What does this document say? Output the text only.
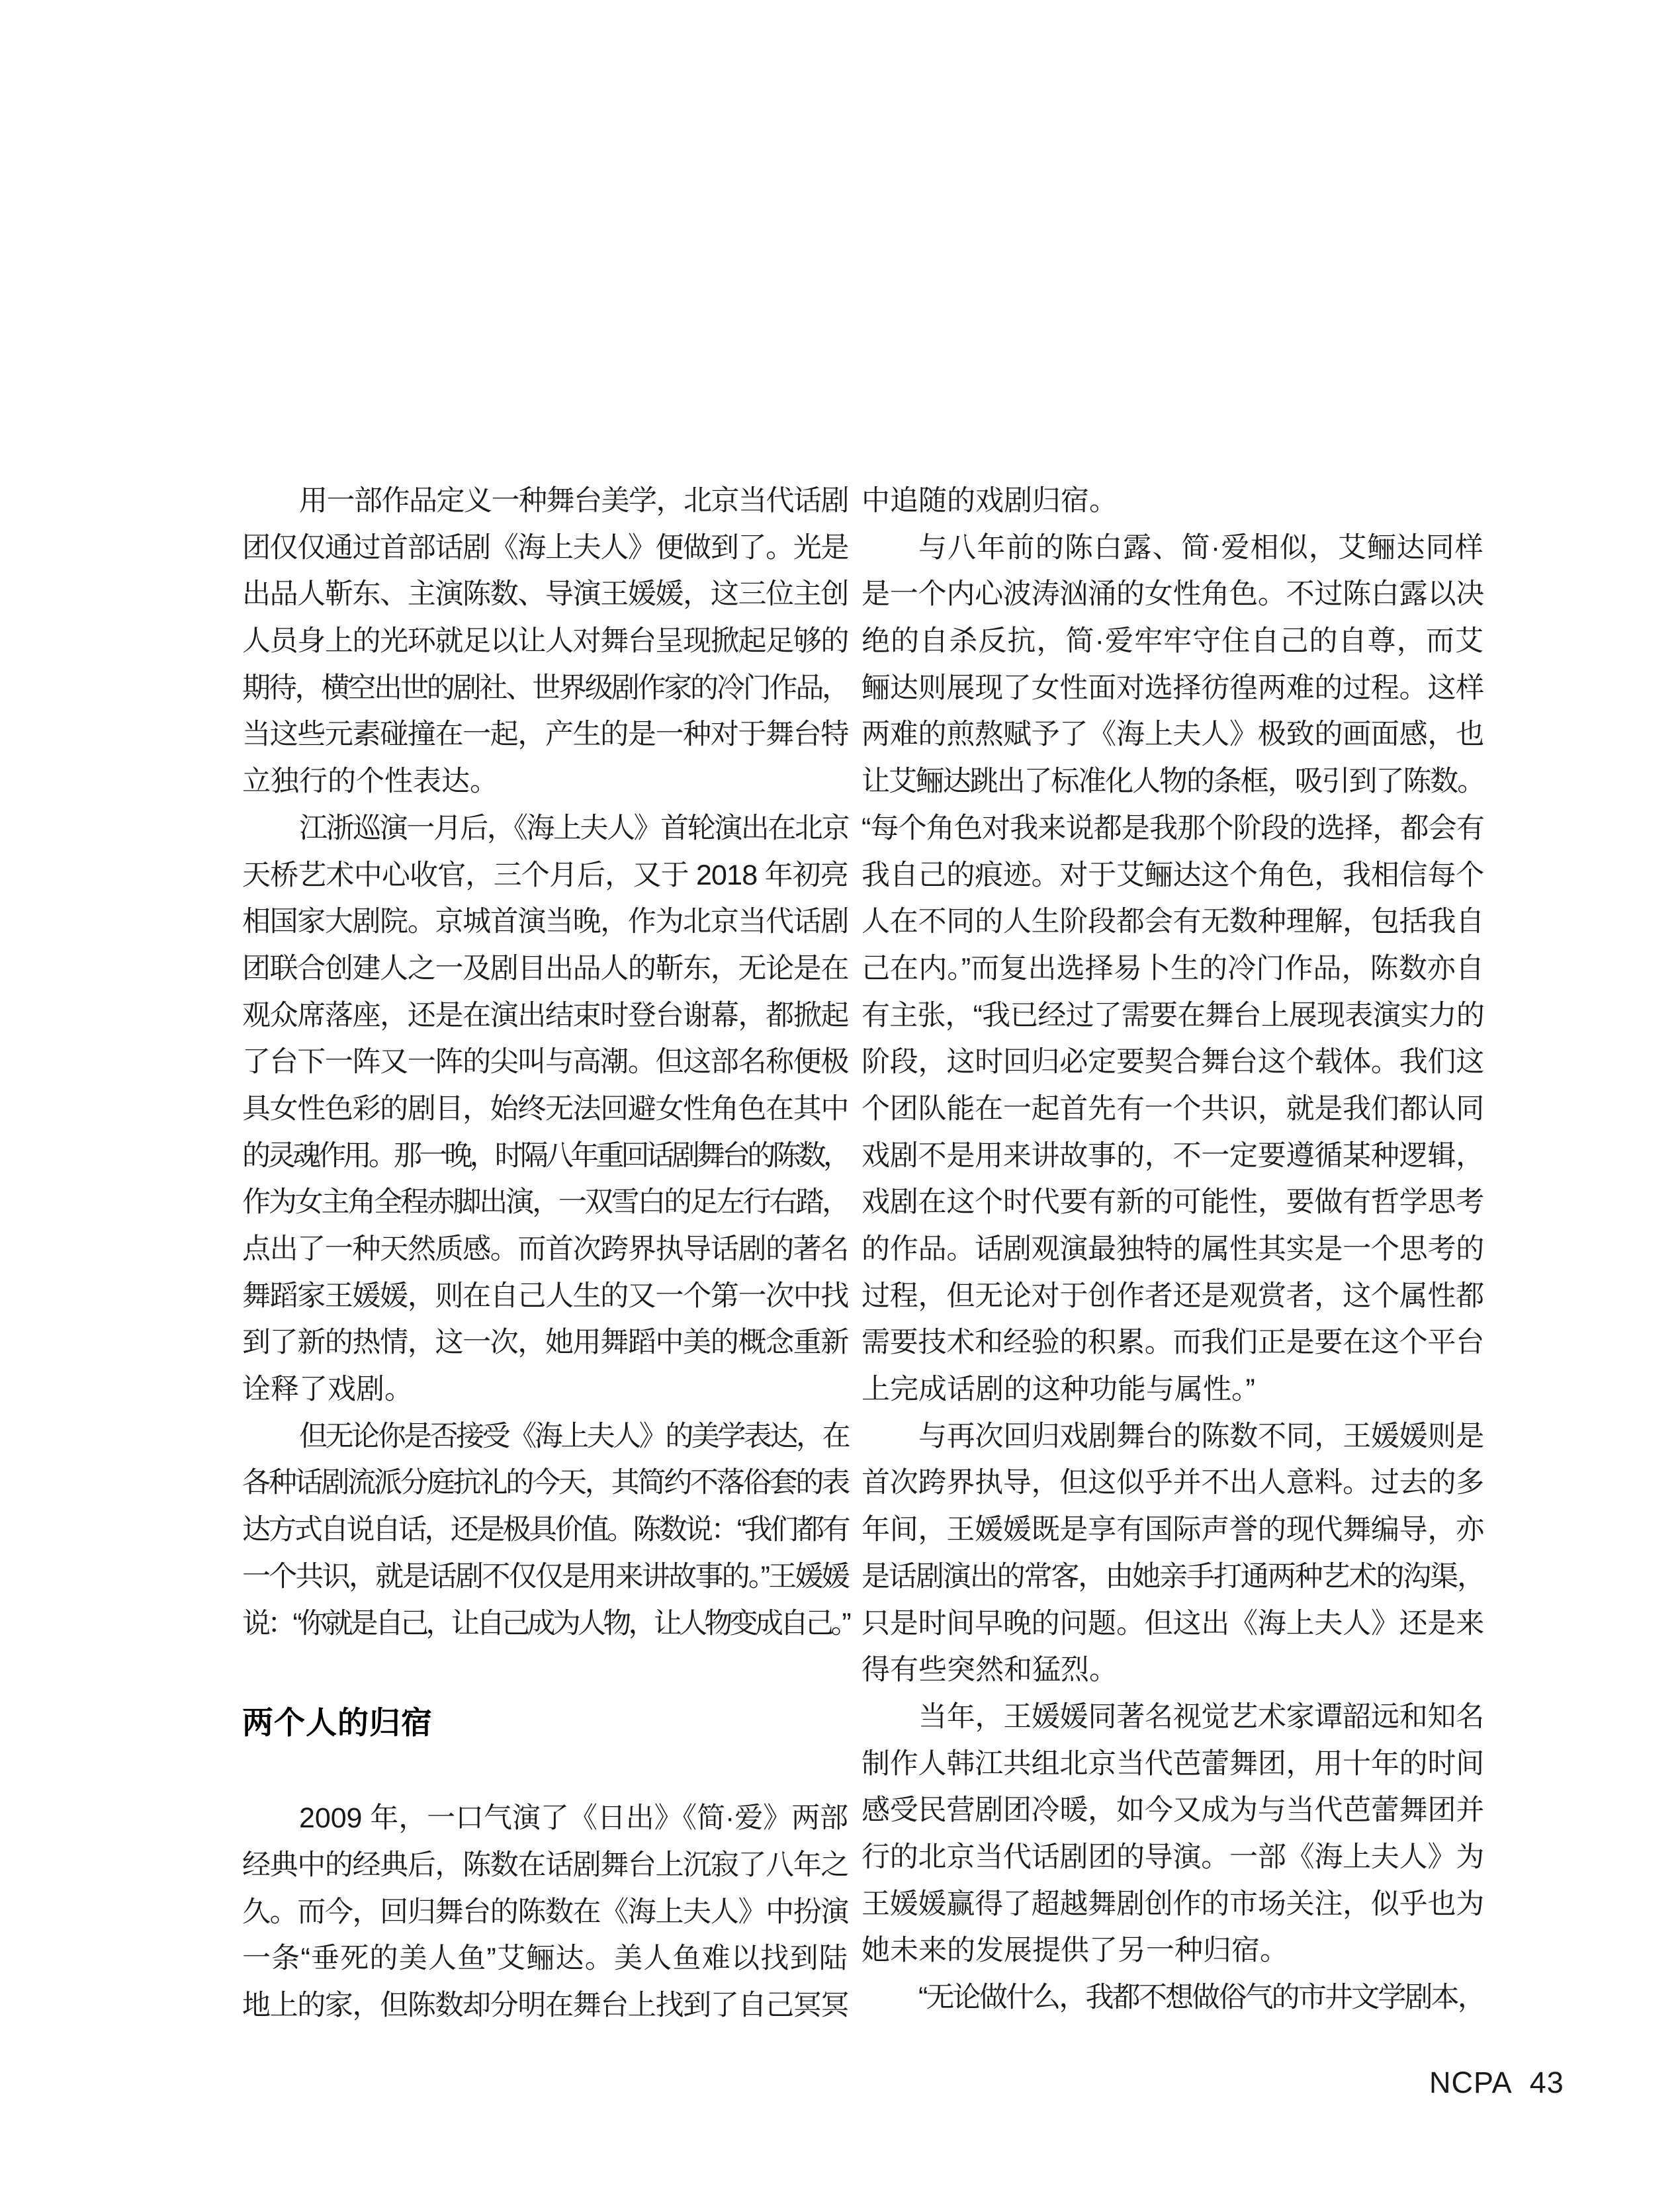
用一部作品定义一种舞台美学，北京当代话剧
团仅仅通过首部话剧《海上夫人》便做到了。光是
出品人靳东、主演陈数、导演王媛媛，这三位主创
人员身上的光环就足以让人对舞台呈现掀起足够的
期待，横空出世的剧社、世界级剧作家的冷门作品，
当这些元素碰撞在一起，产生的是一种对于舞台特
立独行的个性表达。
江浙巡演一月后，《海上夫人》首轮演出在北京
天桥艺术中心收官，三个月后，又于 2018 年初亮
相国家大剧院。京城首演当晚，作为北京当代话剧
团联合创建人之一及剧目出品人的靳东，无论是在
观众席落座，还是在演出结束时登台谢幕，都掀起
了台下一阵又一阵的尖叫与高潮。但这部名称便极
具女性色彩的剧目，始终无法回避女性角色在其中
的灵魂作用。那一晚，时隔八年重回话剧舞台的陈数，
作为女主角全程赤脚出演，一双雪白的足左行右踏，
点出了一种天然质感。而首次跨界执导话剧的著名
舞蹈家王媛媛，则在自己人生的又一个第一次中找
到了新的热情，这一次，她用舞蹈中美的概念重新
诠释了戏剧。
但无论你是否接受《海上夫人》的美学表达，在
各种话剧流派分庭抗礼的今天，其简约不落俗套的表
达方式自说自话，还是极具价值。陈数说：“我们都有
一个共识，就是话剧不仅仅是用来讲故事的。”王媛媛
说：“你就是自己，让自己成为人物，让人物变成自己。”
两个人的归宿
2009 年，一口气演了《日出》《简·爱》两部
经典中的经典后，陈数在话剧舞台上沉寂了八年之
久。而今，回归舞台的陈数在《海上夫人》中扮演
一条“垂死的美人鱼”艾鲡达。美人鱼难以找到陆
地上的家，但陈数却分明在舞台上找到了自己冥冥
中追随的戏剧归宿。
与八年前的陈白露、简·爱相似，艾鲡达同样
是一个内心波涛汹涌的女性角色。不过陈白露以决
绝的自杀反抗，简·爱牢牢守住自己的自尊，而艾
鲡达则展现了女性面对选择彷徨两难的过程。这样
两难的煎熬赋予了《海上夫人》极致的画面感，也
让艾鲡达跳出了标准化人物的条框，吸引到了陈数。
“每个角色对我来说都是我那个阶段的选择，都会有
我自己的痕迹。对于艾鲡达这个角色，我相信每个
人在不同的人生阶段都会有无数种理解，包括我自
己在内。”而复出选择易卜生的冷门作品，陈数亦自
有主张，“我已经过了需要在舞台上展现表演实力的
阶段，这时回归必定要契合舞台这个载体。我们这
个团队能在一起首先有一个共识，就是我们都认同
戏剧不是用来讲故事的，不一定要遵循某种逻辑，
戏剧在这个时代要有新的可能性，要做有哲学思考
的作品。话剧观演最独特的属性其实是一个思考的
过程，但无论对于创作者还是观赏者，这个属性都
需要技术和经验的积累。而我们正是要在这个平台
上完成话剧的这种功能与属性。”
与再次回归戏剧舞台的陈数不同，王媛媛则是
首次跨界执导，但这似乎并不出人意料。过去的多
年间，王媛媛既是享有国际声誉的现代舞编导，亦
是话剧演出的常客，由她亲手打通两种艺术的沟渠，
只是时间早晚的问题。但这出《海上夫人》还是来
得有些突然和猛烈。
当年，王媛媛同著名视觉艺术家谭韶远和知名
制作人韩江共组北京当代芭蕾舞团，用十年的时间
感受民营剧团冷暖，如今又成为与当代芭蕾舞团并
行的北京当代话剧团的导演。一部《海上夫人》为
王媛媛赢得了超越舞剧创作的市场关注，似乎也为
她未来的发展提供了另一种归宿。
“无论做什么，我都不想做俗气的市井文学剧本，
NCPA 43
